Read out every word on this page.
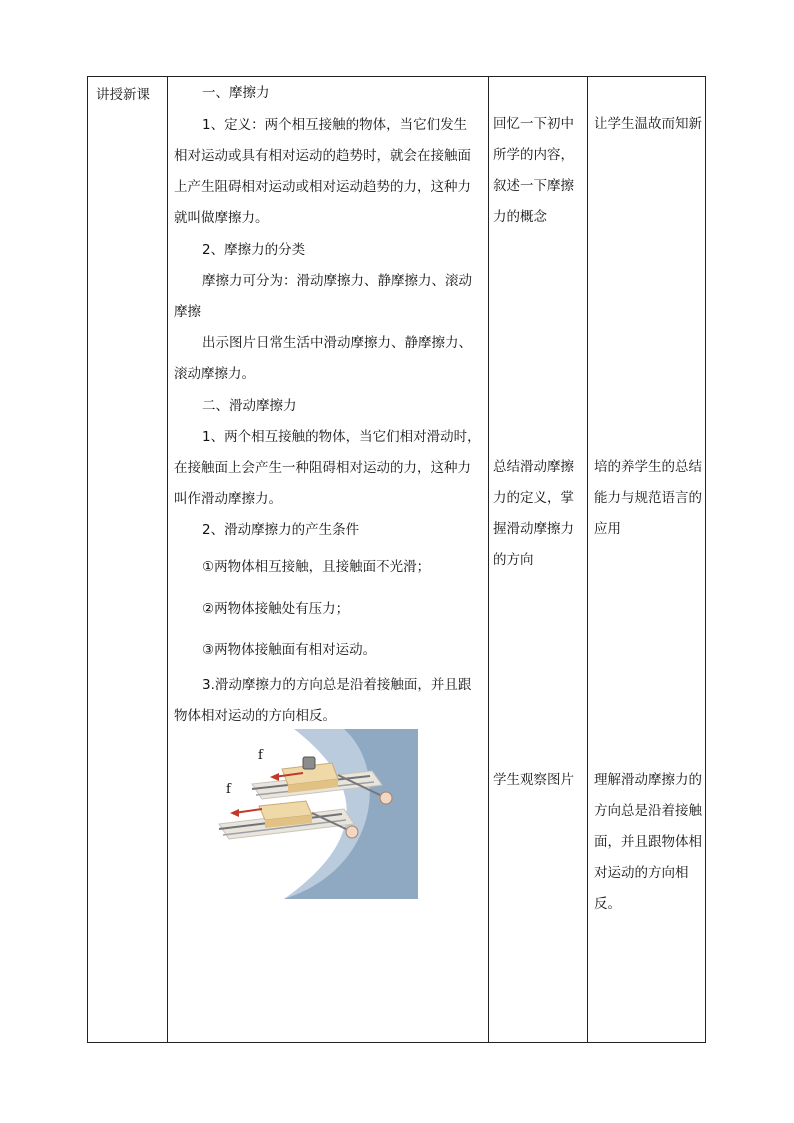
讲授新课	一、摩擦力
1、定义：两个相互接触的物体，当它们发生
相对运动或具有相对运动的趋势时，就会在接触面
上产生阻碍相对运动或相对运动趋势的力，这种力
就叫做摩擦力。
2、摩擦力的分类
摩擦力可分为：滑动摩擦力、静摩擦力、滚动
摩擦
出示图片日常生活中滑动摩擦力、静摩擦力、
滚动摩擦力。
二、滑动摩擦力
1、两个相互接触的物体，当它们相对滑动时，
在接触面上会产生一种阻碍相对运动的力，这种力
叫作滑动摩擦力。
2、滑动摩擦力的产生条件
①两物体相互接触，且接触面不光滑；
②两物体接触处有压力；
③两物体接触面有相对运动。
3.滑动摩擦力的方向总是沿着接触面，并且跟
物体相对运动的方向相反。
f
f
回忆一下初中所学的内容，叙述一下摩擦力的概念
总结滑动摩擦力的定义，掌握滑动摩擦力的方向
学生观察图片
让学生温故而知新
培的养学生的总结能力与规范语言的应用
理解滑动摩擦力的方向总是沿着接触面，并且跟物体相对运动的方向相反。
